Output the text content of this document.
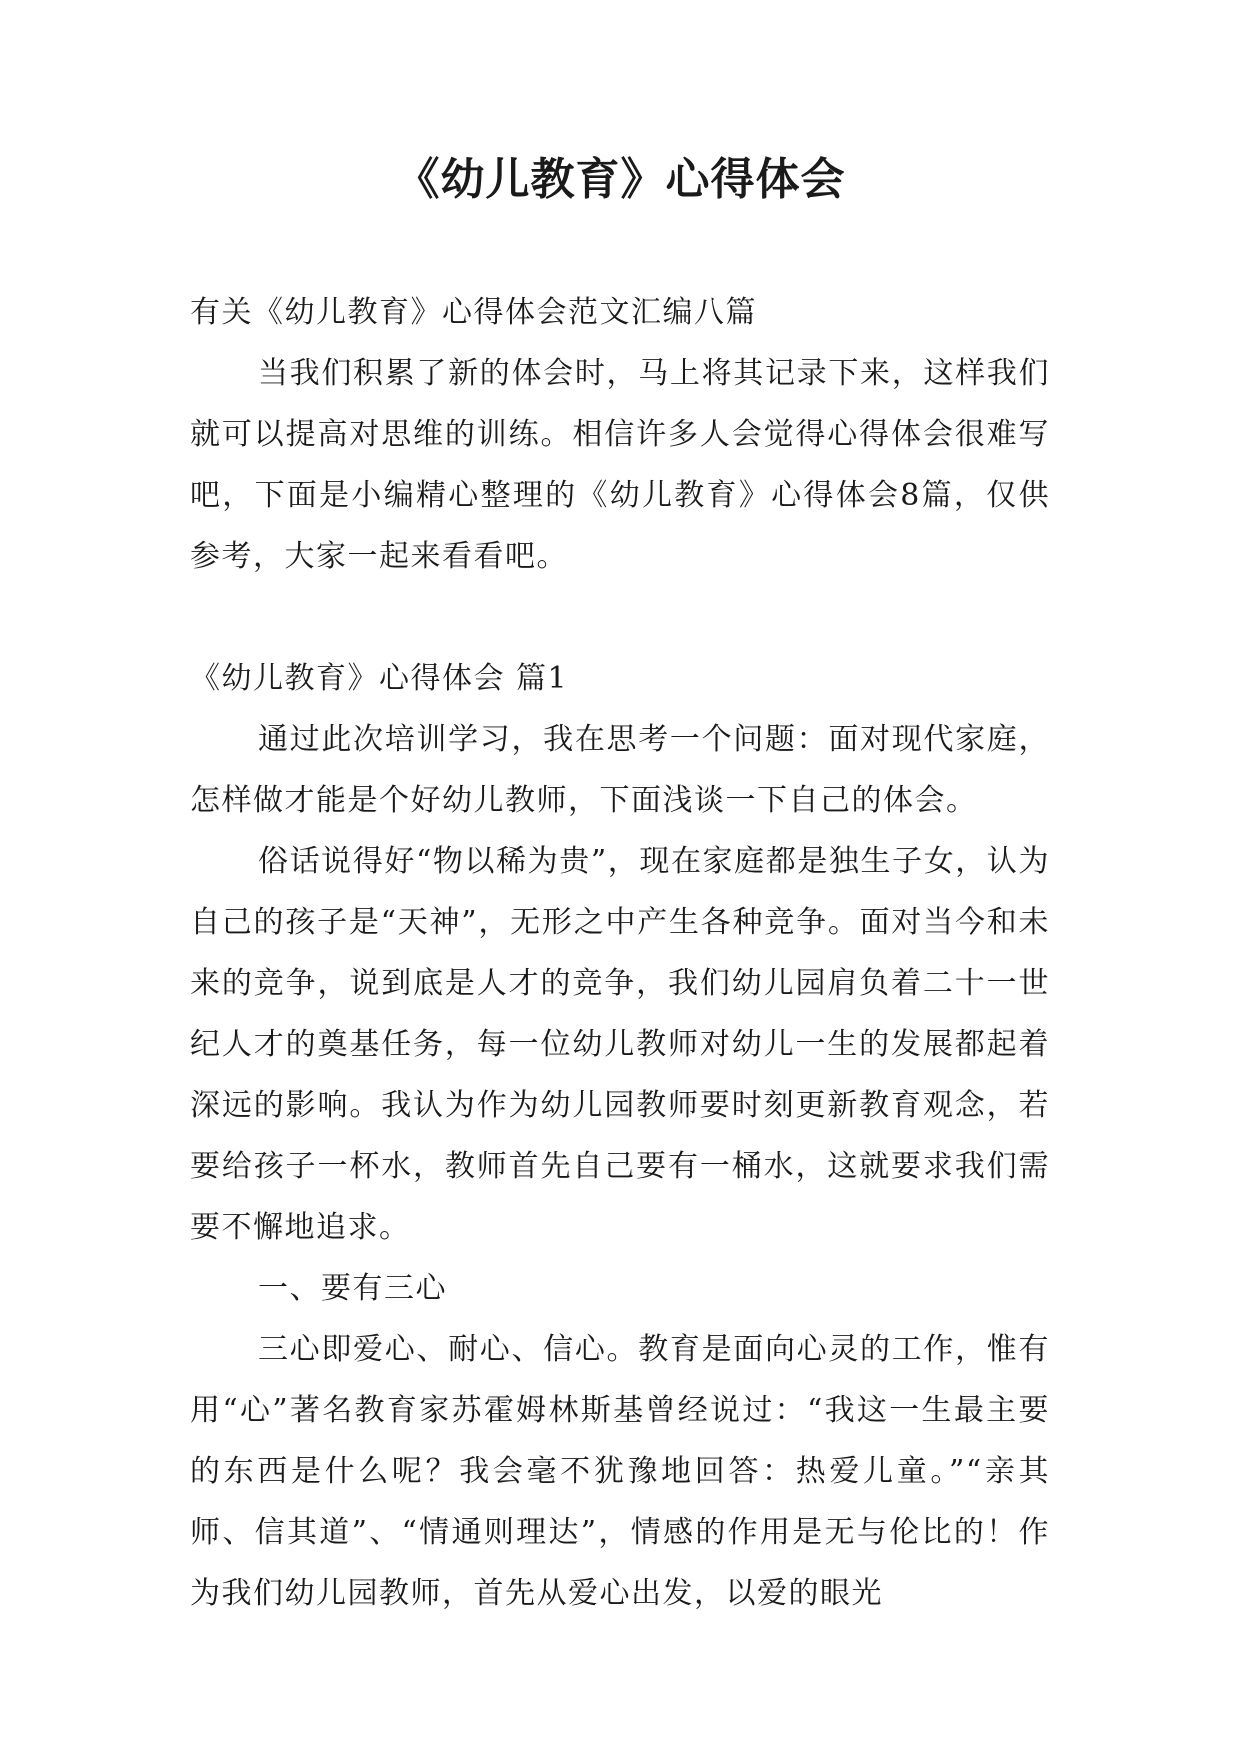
《幼儿教育》心得体会

有关《幼儿教育》心得体会范文汇编八篇

当我们积累了新的体会时，马上将其记录下来，这样我们就可以提高对思维的训练。相信许多人会觉得心得体会很难写吧，下面是小编精心整理的《幼儿教育》心得体会8篇，仅供参考，大家一起来看看吧。

《幼儿教育》心得体会 篇1

通过此次培训学习，我在思考一个问题：面对现代家庭，怎样做才能是个好幼儿教师，下面浅谈一下自己的体会。

俗话说得好“物以稀为贵”，现在家庭都是独生子女，认为自己的孩子是“天神”，无形之中产生各种竞争。面对当今和未来的竞争，说到底是人才的竞争，我们幼儿园肩负着二十一世纪人才的奠基任务，每一位幼儿教师对幼儿一生的发展都起着深远的影响。我认为作为幼儿园教师要时刻更新教育观念，若要给孩子一杯水，教师首先自己要有一桶水，这就要求我们需要不懈地追求。

一、要有三心

三心即爱心、耐心、信心。教育是面向心灵的工作，惟有用“心”著名教育家苏霍姆林斯基曾经说过：“我这一生最主要的东西是什么呢？我会毫不犹豫地回答：热爱儿童。”“亲其师、信其道”、“情通则理达”，情感的作用是无与伦比的！作为我们幼儿园教师，首先从爱心出发，以爱的眼光
